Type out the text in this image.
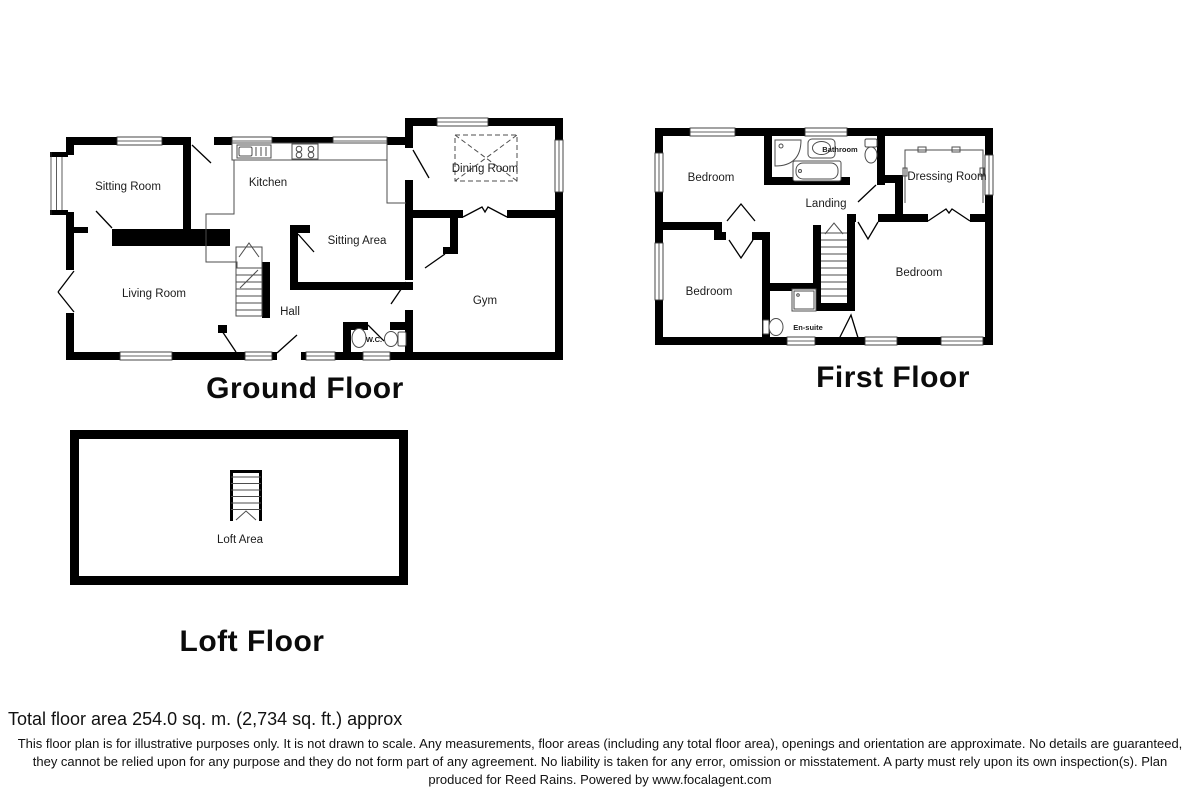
Sitting Room	Kitchen
Dining Room
Sitting Area
Living Room
Hall
W.C.
Gym
Bedroom
Bathroom
Dressing Room
Landing
Bedroom
En-suite
Bedroom
Loft Area
Ground Floor	First Floor
Loft Floor
Total floor area 254.0 sq. m. (2,734 sq. ft.) approx
This floor plan is for illustrative purposes only. It is not drawn to scale. Any measurements, floor areas (including any total floor area), openings and orientation are approximate. No details are guaranteed, they cannot be relied upon for any purpose and they do not form part of any agreement. No liability is taken for any error, omission or misstatement. A party must rely upon its own inspection(s). Plan produced for Reed Rains. Powered by www.focalagent.com
